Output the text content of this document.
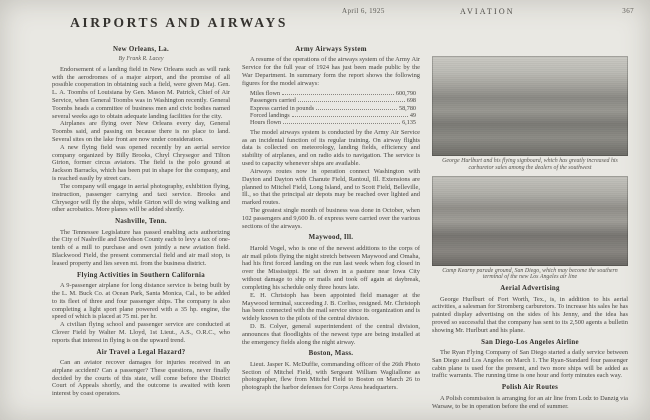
April 6, 1925	AVIATION	367
AIRPORTS AND AIRWAYS
New Orleans, La.
By Frank R. Lacey

Endorsement of a landing field in New Orleans such as will rank with the aerodromes of a major airport, and the promise of all possible cooperation in obtaining such a field, were given Maj. Gen. L. A. Toombs of Louisiana by Gen. Mason M. Patrick, Chief of Air Service, when General Toombs was in Washington recently. General Toombs heads a committee of business men and civic bodies named several weeks ago to obtain adequate landing facilities for the city.

Airplanes are flying over New Orleans every day, General Toombs said, and passing on because there is no place to land. Several sites on the lake front are now under consideration.

A new flying field was opened recently by an aerial service company organized by Billy Brooks, Chryl Chrysegor and Tilton Girton, former circus aviators. The field is the polo ground at Jackson Barracks, which has been put in shape for the company, and is reached easily by street cars.

The company will engage in aerial photography, exhibition flying, instruction, passenger carrying and taxi service. Brooks and Chrysegor will fly the ships, while Girton will do wing walking and other acrobatics. More planes will be added shortly.

Nashville, Tenn.

The Tennessee Legislature has passed enabling acts authorizing the City of Nashville and Davidson County each to levy a tax of one-tenth of a mill to purchase and own jointly a new aviation field. Blackwood Field, the present commercial field and air mail stop, is leased property and lies seven mi. from the business district.

Flying Activities in Southern California

A 9-passenger airplane for long distance service is being built by the L. M. Buck Co. at Ocean Park, Santa Monica, Cal., to be added to its fleet of three and four passenger ships. The company is also completing a light sport plane powered with a 35 hp. engine, the speed of which is placed at 75 mi. per hr.

A civilian flying school and passenger service are conducted at Clover Field by Walter M. Lloyd, 1st Lieut., A.S., O.R.C., who reports that interest in flying is on the upward trend.

Air Travel a Legal Hazard?

Can an aviator recover damages for injuries received in an airplane accident? Can a passenger? These questions, never finally decided by the courts of this state, will come before the District Court of Appeals shortly, and the outcome is awaited with keen interest by coast operators.

Army Airways System

A resume of the operations of the airways system of the Army Air Service for the full year of 1924 has just been made public by the War Department. In summary form the report shows the following figures for the model airways:

Miles flown	600,790
Passengers carried	698
Express carried in pounds	58,780
Forced landings	49
Hours flown	6,135

The model airways system is conducted by the Army Air Service as an incidental function of its regular training. On airway flights data is collected on meteorology, landing fields, efficiency and stability of airplanes, and on radio aids to navigation. The service is used to capacity whenever ships are available.

Airways routes now in operation connect Washington with Dayton and Dayton with Chanute Field, Rantoul, Ill. Extensions are planned to Mitchel Field, Long Island, and to Scott Field, Belleville, Ill., so that the principal air depots may be reached over lighted and marked routes.

The greatest single month of business was done in October, when 102 passengers and 9,600 lb. of express were carried over the various sections of the airways.

Maywood, Ill.

Harold Vogel, who is one of the newest additions to the corps of air mail pilots flying the night stretch between Maywood and Omaha, had his first forced landing on the run last week when fog closed in over the Mississippi. He sat down in a pasture near Iowa City without damage to ship or mails and took off again at daybreak, completing his schedule only three hours late.

E. H. Christoph has been appointed field manager at the Maywood terminal, succeeding J. B. Corliss, resigned. Mr. Christoph has been connected with the mail service since its organization and is widely known to the pilots of the central division.

D. B. Colyer, general superintendent of the central division, announces that floodlights of the newest type are being installed at the emergency fields along the night airway.

Boston, Mass.

Lieut. Jasper K. McDuffie, commanding officer of the 26th Photo Section of Mitchel Field, with Sergeant William Wagliallone as photographer, flew from Mitchel Field to Boston on March 26 to photograph the harbor defenses for Corps Area headquarters.

George Hurlburt and his flying signboard, which has greatly increased his carburetor sales among the dealers of the southwest
Camp Kearny parade ground, San Diego, which may become the southern terminal of the new Los Angeles air line
Aerial Advertising

George Hurlburt of Fort Worth, Tex., is, in addition to his aerial activities, a salesman for Stromberg carburetors. To increase his sales he has painted display advertising on the sides of his Jenny, and the idea has proved so successful that the company has sent to its 2,500 agents a bulletin showing Mr. Hurlburt and his plane.

San Diego-Los Angeles Airline

The Ryan Flying Company of San Diego started a daily service between San Diego and Los Angeles on March 1. The Ryan-Standard four passenger cabin plane is used for the present, and two more ships will be added as traffic warrants. The running time is one hour and forty minutes each way.

Polish Air Routes

A Polish commission is arranging for an air line from Lodz to Danzig via Warsaw, to be in operation before the end of summer.
